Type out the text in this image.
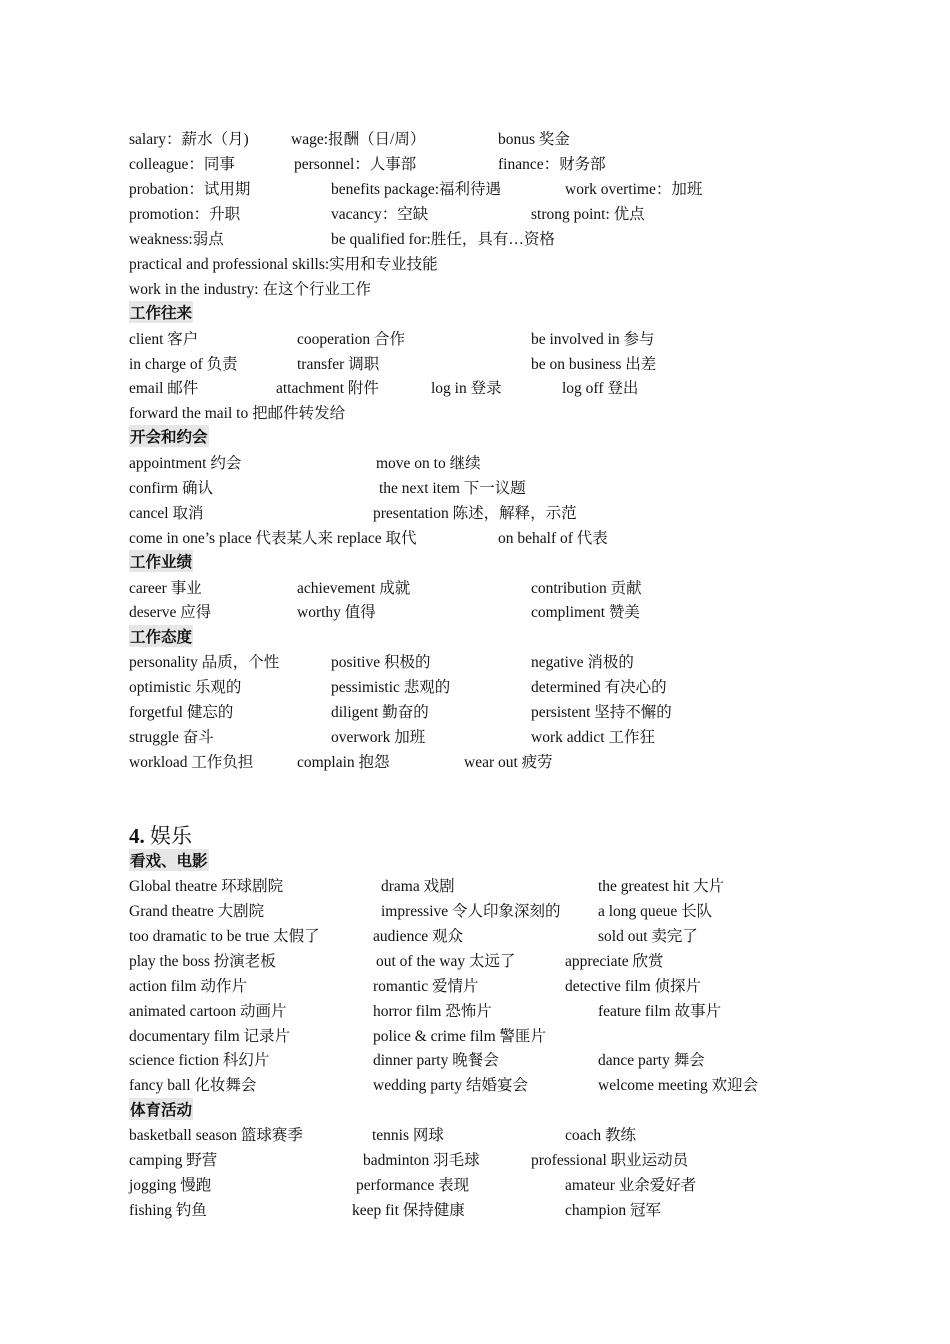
salary：薪水（月)	wage:报酬（日/周）	bonus 奖金
colleague：同事	personnel：人事部	finance：财务部
probation：试用期	benefits package:福利待遇	work overtime：加班
promotion：升职	vacancy：空缺	strong point: 优点
weakness:弱点	be qualified for:胜任，具有…资格
practical and professional skills:实用和专业技能
work in the industry: 在这个行业工作
工作往来
client 客户	cooperation 合作	be involved in 参与
in charge of 负责	transfer 调职	be on business 出差
email 邮件	attachment 附件	log in 登录	log off 登出
forward the mail to 把邮件转发给
开会和约会
appointment 约会	move on to 继续
confirm 确认	the next item 下一议题
cancel 取消	presentation 陈述，解释，示范
come in one’s place 代表某人来 replace 取代	on behalf of 代表
工作业绩
career 事业	achievement 成就	contribution 贡献
deserve 应得	worthy 值得	compliment 赞美
工作态度
personality 品质，个性	positive 积极的	negative 消极的
optimistic 乐观的	pessimistic 悲观的	determined 有决心的
forgetful 健忘的	diligent 勤奋的	persistent 坚持不懈的
struggle 奋斗	overwork 加班	work addict 工作狂
workload 工作负担	complain 抱怨	wear out 疲劳
4. 娱乐
看戏、电影
Global theatre 环球剧院	drama 戏剧	the greatest hit 大片
Grand theatre 大剧院	impressive 令人印象深刻的 a long queue 长队
too dramatic to be true 太假了	audience 观众	sold out 卖完了
play the boss 扮演老板	out of the way 太远了	appreciate 欣赏
action film 动作片	romantic 爱情片	detective film 侦探片
animated cartoon 动画片	horror film 恐怖片	feature film 故事片
documentary film 记录片	police & crime film 警匪片
science fiction 科幻片	dinner party 晚餐会	dance party 舞会
fancy ball 化妆舞会	wedding party 结婚宴会	welcome meeting 欢迎会
体育活动
basketball season 篮球赛季	tennis 网球	coach 教练
camping 野营	badminton 羽毛球	professional 职业运动员
jogging 慢跑	performance 表现	amateur 业余爱好者
fishing 钓鱼	keep fit 保持健康	champion 冠军
